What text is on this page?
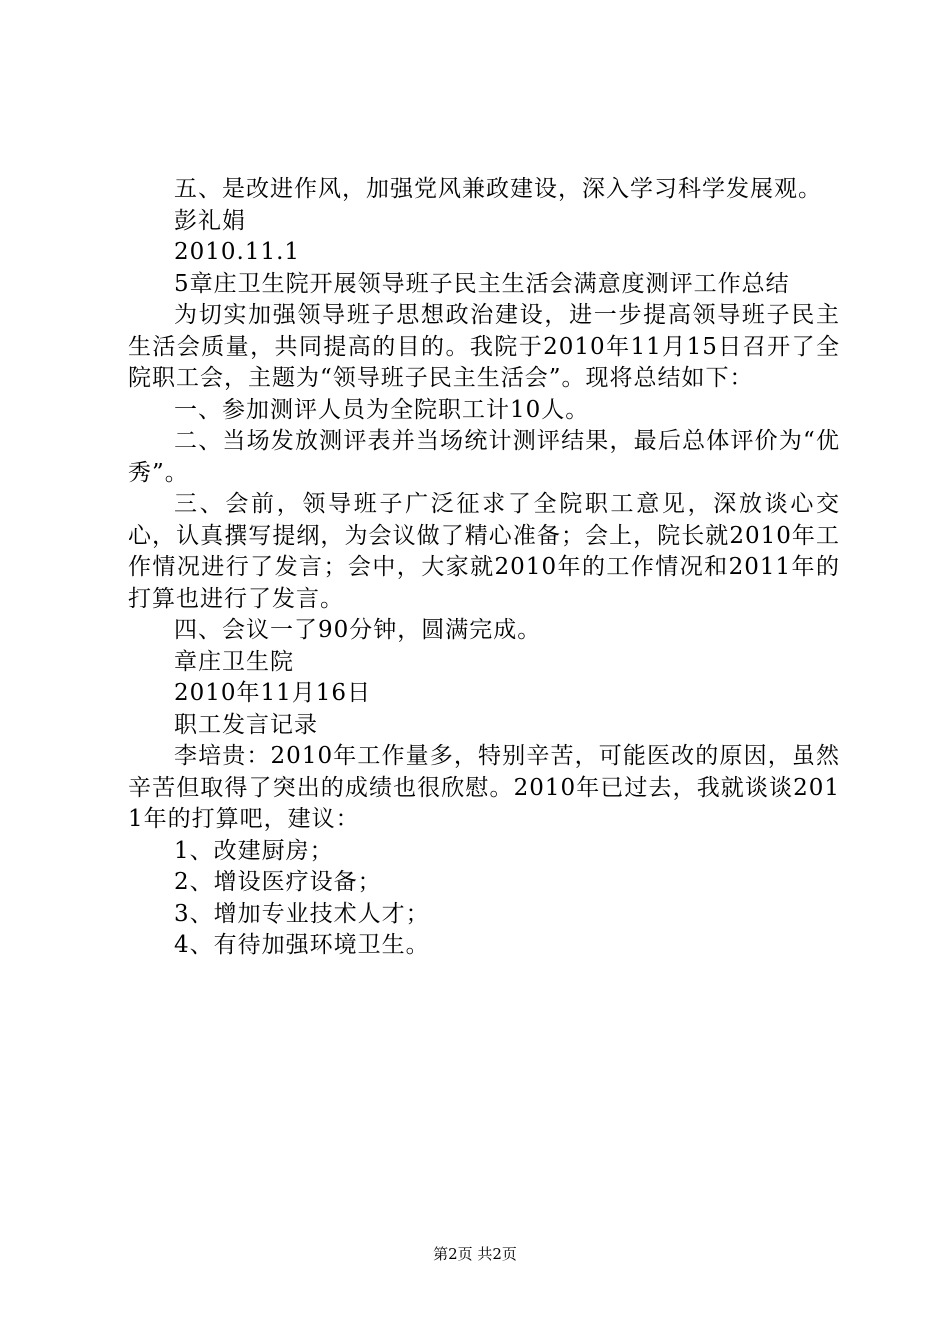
五、是改进作风，加强党风兼政建设，深入学习科学发展观。

彭礼娟

2010.11.1

5章庄卫生院开展领导班子民主生活会满意度测评工作总结

为切实加强领导班子思想政治建设，进一步提高领导班子民主生活会质量，共同提高的目的。我院于2010年11月15日召开了全院职工会，主题为“领导班子民主生活会”。现将总结如下：

一、参加测评人员为全院职工计10人。

二、当场发放测评表并当场统计测评结果，最后总体评价为“优秀”。

三、会前，领导班子广泛征求了全院职工意见，深放谈心交心，认真撰写提纲，为会议做了精心准备；会上，院长就2010年工作情况进行了发言；会中，大家就2010年的工作情况和2011年的打算也进行了发言。

四、会议一了90分钟，圆满完成。

章庄卫生院

2010年11月16日

职工发言记录

李培贵：2010年工作量多，特别辛苦，可能医改的原因，虽然辛苦但取得了突出的成绩也很欣慰。2010年已过去，我就谈谈2011年的打算吧，建议：

1、改建厨房；

2、增设医疗设备；

3、增加专业技术人才；

4、有待加强环境卫生。

第2页 共2页
